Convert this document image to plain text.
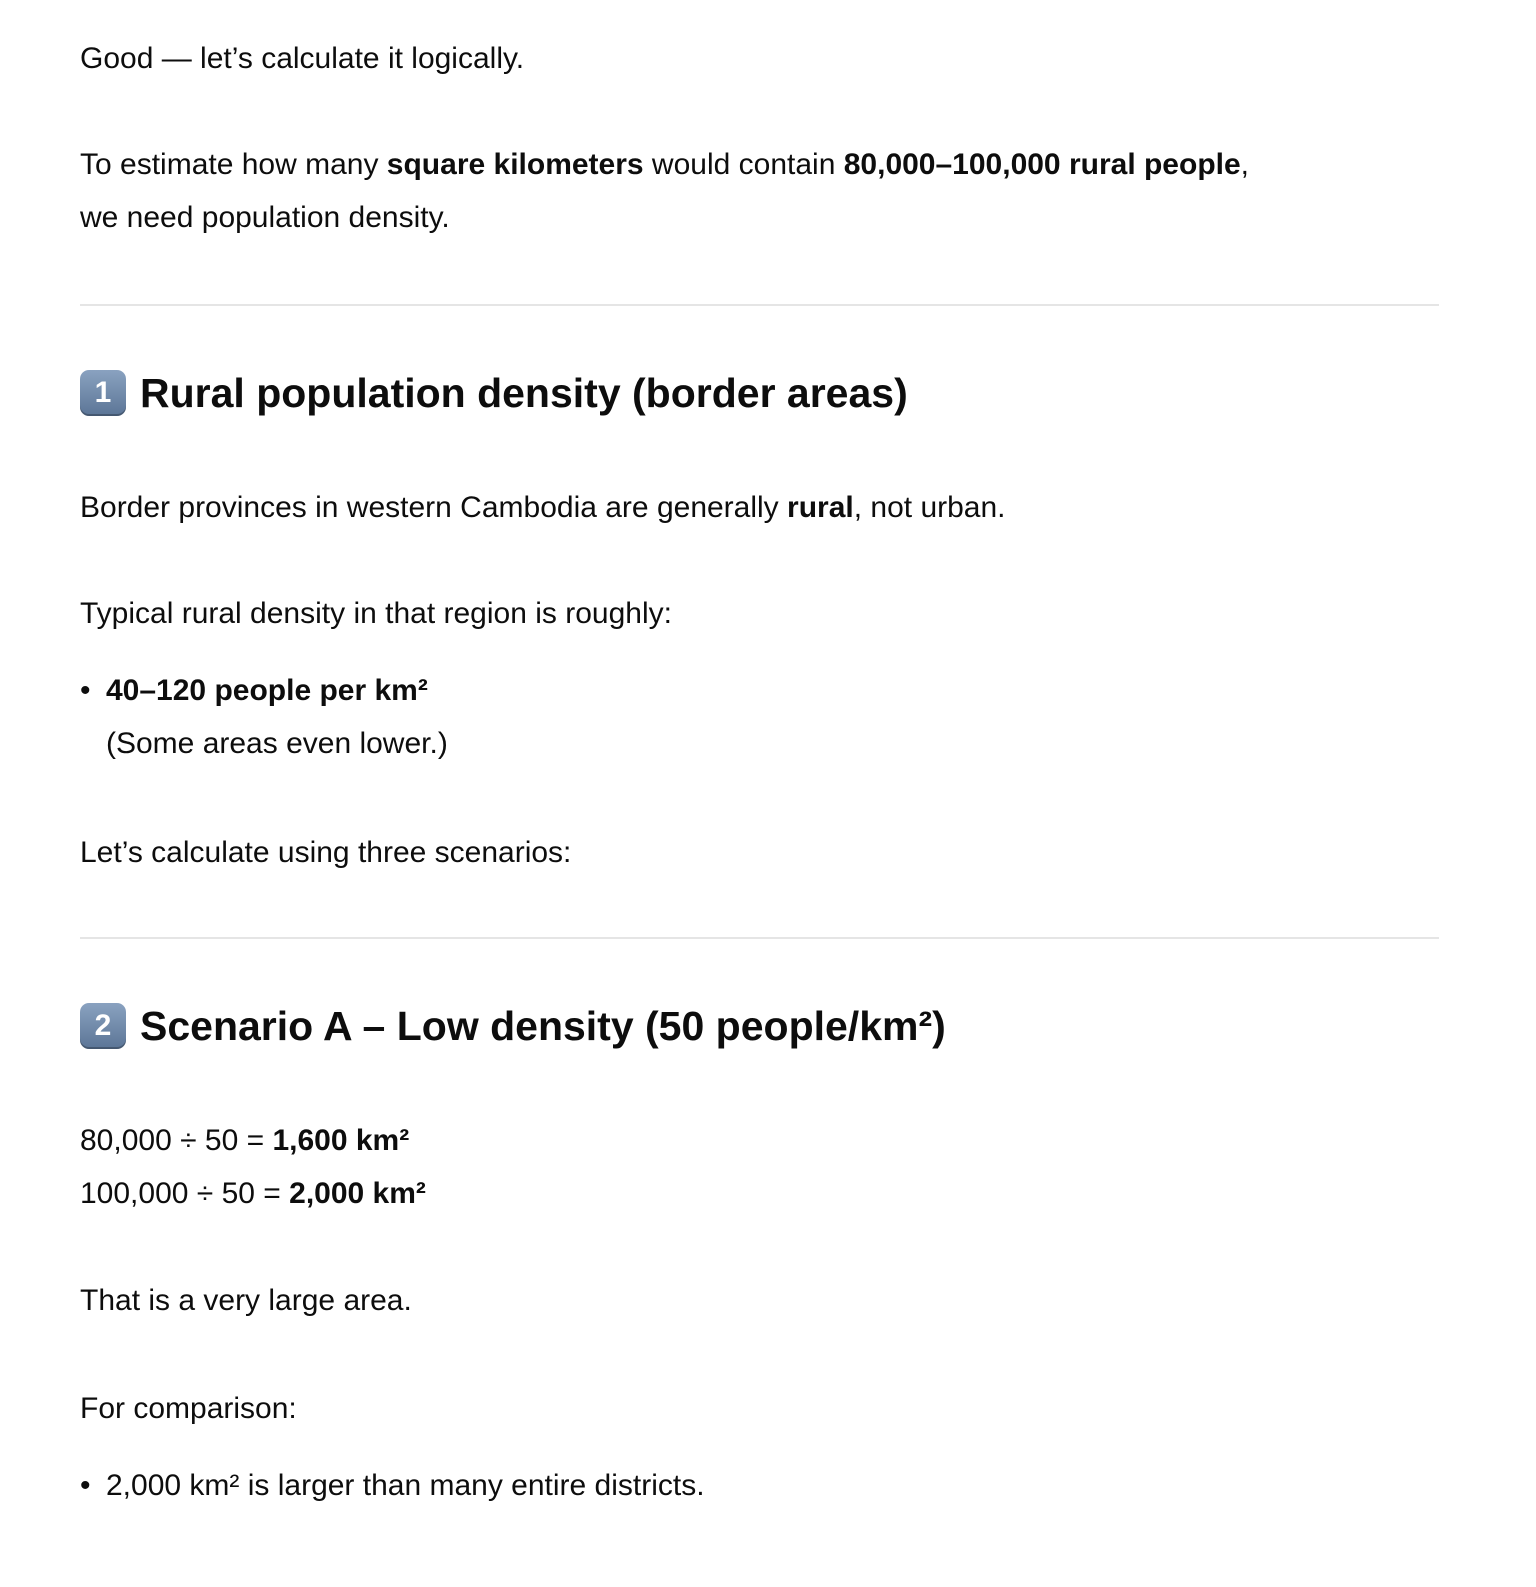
Good — let’s calculate it logically.
To estimate how many square kilometers would contain 80,000–100,000 rural people,
we need population density.
1 Rural population density (border areas)
Border provinces in western Cambodia are generally rural, not urban.
Typical rural density in that region is roughly:
• 40–120 people per km²
(Some areas even lower.)
Let’s calculate using three scenarios:
2 Scenario A – Low density (50 people/km²)
80,000 ÷ 50 = 1,600 km²
100,000 ÷ 50 = 2,000 km²
That is a very large area.
For comparison:
• 2,000 km² is larger than many entire districts.
